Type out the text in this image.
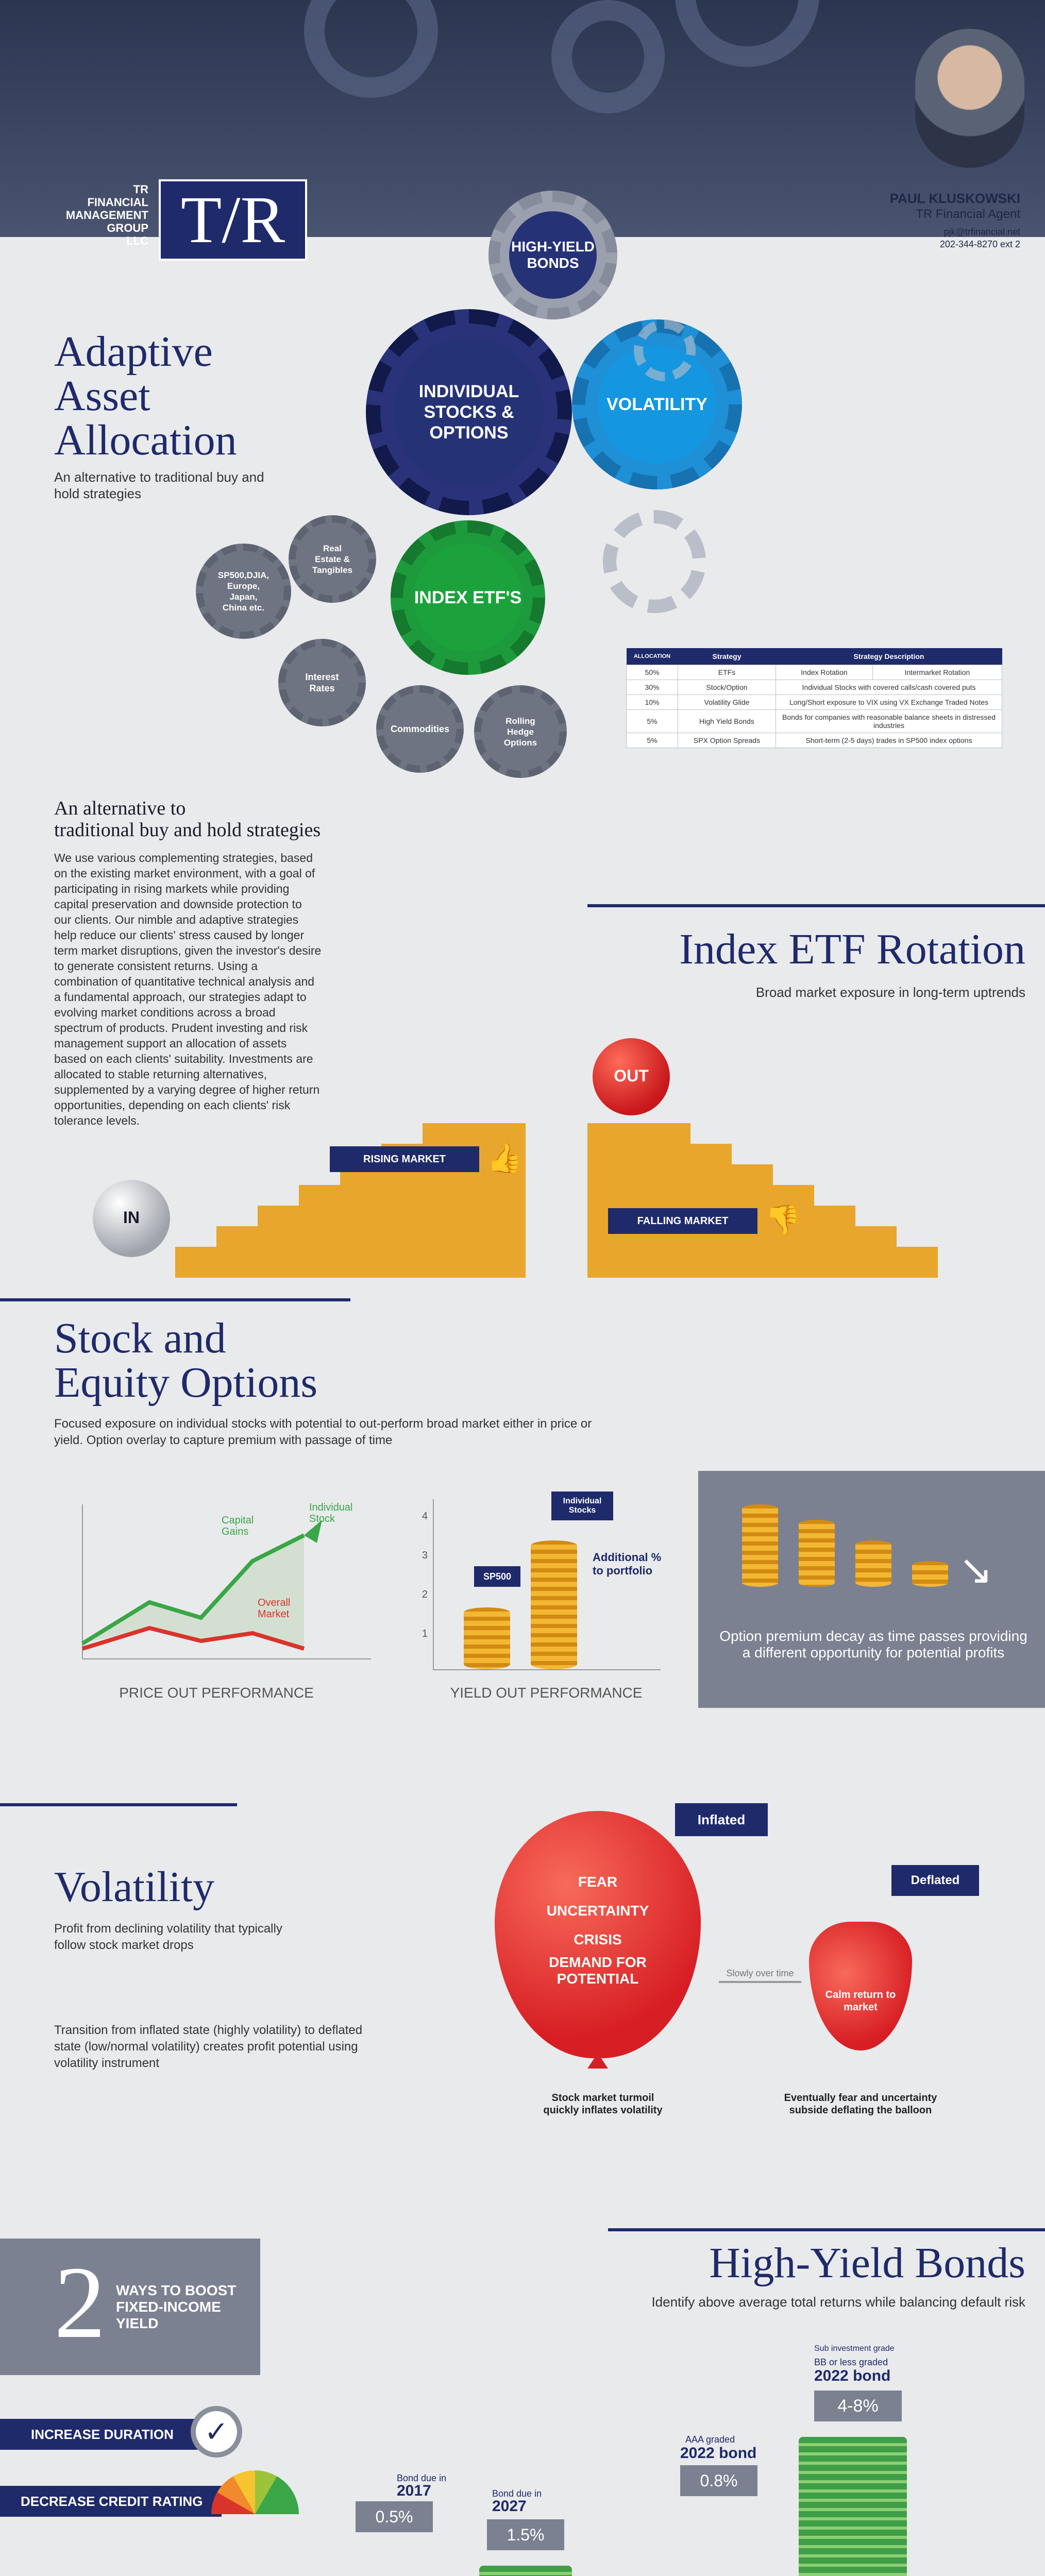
TR
FINANCIAL
MANAGEMENT
GROUP
LLC T/R	PAUL KLUSKOWSKI
TR Financial Agent
pjk@trfinancial.net
202-344-8270 ext 2
Adaptive
Asset
Allocation
An alternative to traditional buy and hold strategies
HIGH-YIELD BONDS
INDIVIDUAL STOCKS & OPTIONS
VOLATILITY
INDEX ETF'S
SP500,DJIA, Europe, Japan, China etc.
Real Estate & Tangibles
Interest Rates
Commodities
Rolling Hedge Options
ALLOCATION	Strategy	Strategy Description	
50%	ETFs	Index Rotation	Intermarket Rotation
30%	Stock/Option	Individual Stocks with covered calls/cash covered puts	
10%	Volatility Glide	Long/Short exposure to VIX using VX Exchange Traded Notes	
5%	High Yield Bonds	Bonds for companies with reasonable balance sheets in distressed industries	
5%	SPX Option Spreads	Short-term (2-5 days) trades in SP500 index options	
An alternative to
traditional buy and hold strategies
We use various complementing strategies, based on the existing market environment, with a goal of participating in rising markets while providing capital preservation and downside protection to our clients. Our nimble and adaptive strategies help reduce our clients' stress caused by longer term market disruptions, given the investor's desire to generate consistent returns. Using a combination of quantitative technical analysis and a fundamental approach, our strategies adapt to evolving market conditions across a broad spectrum of products. Prudent investing and risk management support an allocation of assets based on each clients' suitability. Investments are allocated to stable returning alternatives, supplemented by a varying degree of higher return opportunities, depending on each clients' risk tolerance levels.
Index ETF Rotation
Broad market exposure in long-term uptrends
IN
RISING MARKET	👍
OUT
FALLING MARKET	👎
Stock and
Equity Options
Focused exposure on individual stocks with potential to out-perform broad market either in price or yield. Option overlay to capture premium with passage of time
Capital Gains
Individual Stock
Overall Market
PRICE OUT PERFORMANCE
4
3
2
1
SP500
Individual Stocks
Additional % to portfolio
YIELD OUT PERFORMANCE
↘
Option premium decay as time passes providing a different opportunity for potential profits
Volatility
Profit from declining volatility that typically follow stock market drops
Transition from inflated state (highly volatility) to deflated state (low/normal volatility) creates profit potential using volatility instrument
FEAR
UNCERTAINTY
CRISIS
DEMAND FOR POTENTIAL
Inflated
Slowly over time
Calm return to market
Deflated
Stock market turmoil quickly inflates volatility
Eventually fear and uncertainty subside deflating the balloon
2 WAYS TO BOOST FIXED-INCOME YIELD
INCREASE DURATION	✓
DECREASE CREDIT RATING
High-Yield Bonds
Identify above average total returns while balancing default risk
Bond due in
2017
0.5%
Bond due in
2027
1.5%
AAA graded
2022 bond
0.8%
Sub investment grade
BB or less graded
2022 bond
4-8%
